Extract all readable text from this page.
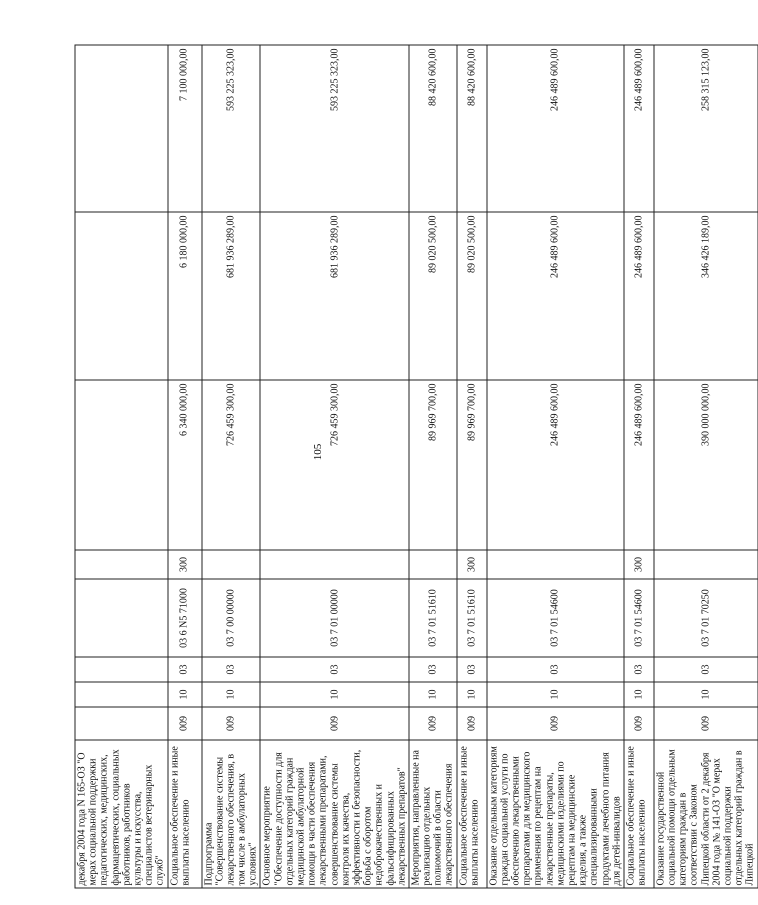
105
декабря 2004 года N 165-ОЗ "О мерах социальной поддержки педагогических, медицинских, фармацевтических, социальных работников, работников культуры и искусства, специалистов ветеринарных служб"								
Социальное обеспечение и иные выплаты населению	009	10	03	03 6 N5 71000	300	6 340 000,00	6 180 000,00	7 100 000,00
Подпрограмма "Совершенствование системы лекарственного обеспечения, в том числе в амбулаторных условиях"	009	10	03	03 7 00 00000		726 459 300,00	681 936 289,00	593 225 323,00
Основное мероприятие "Обеспечение доступности для отдельных категорий граждан медицинской амбулаторной помощи в части обеспечения лекарственными препаратами, совершенствование системы контроля их качества, эффективности и безопасности, борьба с оборотом недоброкачественных и фальсифицированных лекарственных препаратов"	009	10	03	03 7 01 00000		726 459 300,00	681 936 289,00	593 225 323,00
Мероприятия, направленные на реализацию отдельных полномочий в области лекарственного обеспечения	009	10	03	03 7 01 51610		89 969 700,00	89 020 500,00	88 420 600,00
Социальное обеспечение и иные выплаты населению	009	10	03	03 7 01 51610	300	89 969 700,00	89 020 500,00	88 420 600,00
Оказание отдельным категориям граждан социальной услуги по обеспечению лекарственными препаратами для медицинского применения по рецептам на лекарственные препараты, медицинскими изделиями по рецептам на медицинские изделия, а также специализированными продуктами лечебного питания для детей-инвалидов	009	10	03	03 7 01 54600		246 489 600,00	246 489 600,00	246 489 600,00
Социальное обеспечение и иные выплаты населению	009	10	03	03 7 01 54600	300	246 489 600,00	246 489 600,00	246 489 600,00
Оказание государственной социальной помощи отдельным категориям граждан в соответствии с Законом Липецкой области от 2 декабря 2004 года № 141-ОЗ "О мерах социальной поддержки отдельных категорий граждан в Липецкой	009	10	03	03 7 01 70250		390 000 000,00	346 426 189,00	258 315 123,00
